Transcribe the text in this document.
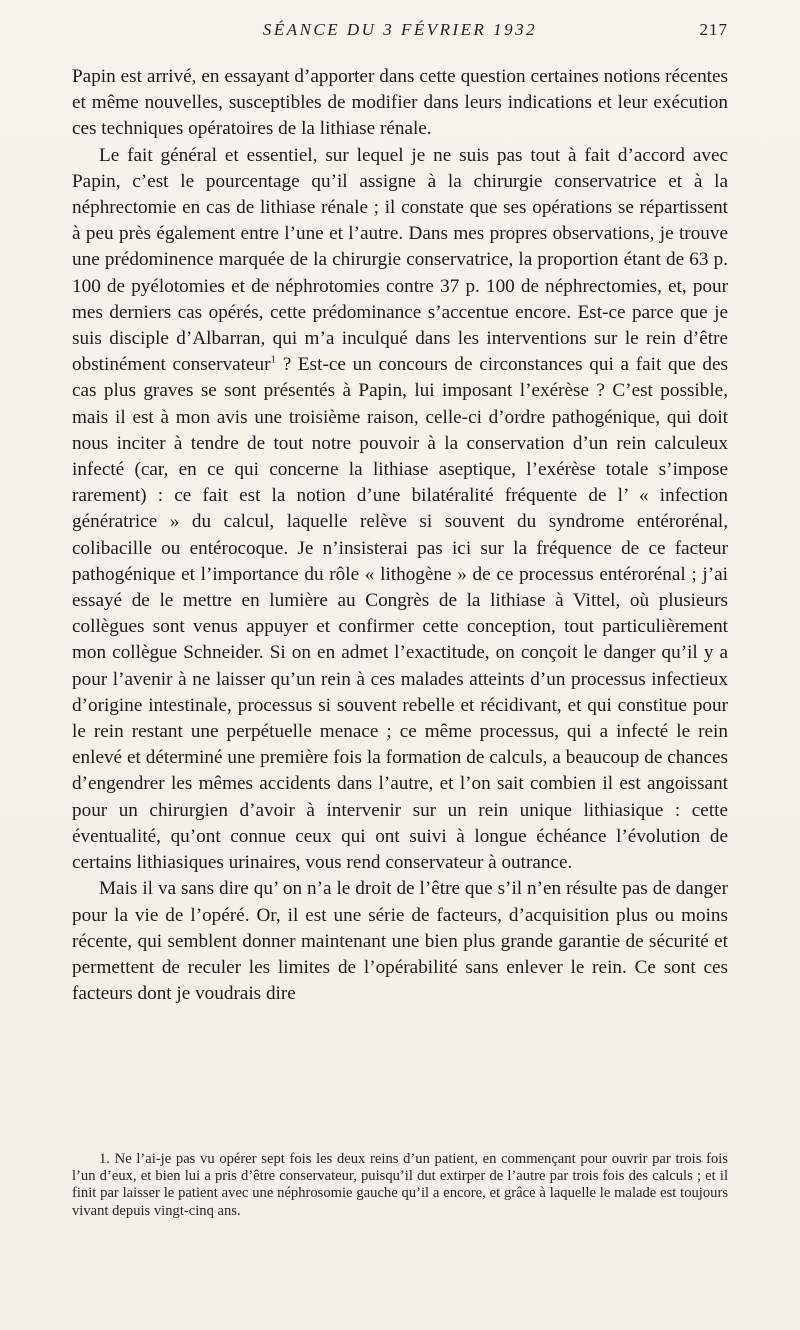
SÉANCE DU 3 FÉVRIER 1932	217

Papin est arrivé, en essayant d’apporter dans cette question certaines notions récentes et même nouvelles, susceptibles de modifier dans leurs indications et leur exécution ces techniques opératoires de la lithiase rénale.

Le fait général et essentiel, sur lequel je ne suis pas tout à fait d’accord avec Papin, c’est le pourcentage qu’il assigne à la chirurgie conservatrice et à la néphrectomie en cas de lithiase rénale ; il constate que ses opérations se répartissent à peu près également entre l’une et l’autre. Dans mes propres observations, je trouve une prédominence marquée de la chirurgie conservatrice, la proportion étant de 63 p. 100 de pyélotomies et de néphrotomies contre 37 p. 100 de néphrectomies, et, pour mes derniers cas opérés, cette prédominance s’accentue encore. Est-ce parce que je suis disciple d’Albarran, qui m’a inculqué dans les interventions sur le rein d’être obstinément conservateur$^1$ ? Est-ce un concours de circonstances qui a fait que des cas plus graves se sont présentés à Papin, lui imposant l’exérèse ? C’est possible, mais il est à mon avis une troisième raison, celle-ci d’ordre pathogénique, qui doit nous inciter à tendre de tout notre pouvoir à la conservation d’un rein calculeux infecté (car, en ce qui concerne la lithiase aseptique, l’exérèse totale s’impose rarement) : ce fait est la notion d’une bilatéralité fréquente de l’ « infection génératrice » du calcul, laquelle relève si souvent du syndrome entérorénal, colibacille ou entérocoque. Je n’insisterai pas ici sur la fréquence de ce facteur pathogénique et l’importance du rôle « lithogène » de ce processus entérorénal ; j’ai essayé de le mettre en lumière au Congrès de la lithiase à Vittel, où plusieurs collègues sont venus appuyer et confirmer cette conception, tout particulièrement mon collègue Schneider. Si on en admet l’exactitude, on conçoit le danger qu’il y a pour l’avenir à ne laisser qu’un rein à ces malades atteints d’un processus infectieux d’origine intestinale, processus si souvent rebelle et récidivant, et qui constitue pour le rein restant une perpétuelle menace ; ce même processus, qui a infecté le rein enlevé et déterminé une première fois la formation de calculs, a beaucoup de chances d’engendrer les mêmes accidents dans l’autre, et l’on sait combien il est angoissant pour un chirurgien d’avoir à intervenir sur un rein unique lithiasique : cette éventualité, qu’ont connue ceux qui ont suivi à longue échéance l’évolution de certains lithiasiques urinaires, vous rend conservateur à outrance.

Mais il va sans dire qu’ on n’a le droit de l’être que s’il n’en résulte pas de danger pour la vie de l’opéré. Or, il est une série de facteurs, d’acquisition plus ou moins récente, qui semblent donner maintenant une bien plus grande garantie de sécurité et permettent de reculer les limites de l’opérabilité sans enlever le rein. Ce sont ces facteurs dont je voudrais dire

1. Ne l’ai-je pas vu opérer sept fois les deux reins d’un patient, en commençant pour ouvrir par trois fois l’un d’eux, et bien lui a pris d’être conservateur, puisqu’il dut extirper de l’autre par trois fois des calculs ; et il finit par laisser le patient avec une néphrosomie gauche qu’il a encore, et grâce à laquelle le malade est toujours vivant depuis vingt-cinq ans.
